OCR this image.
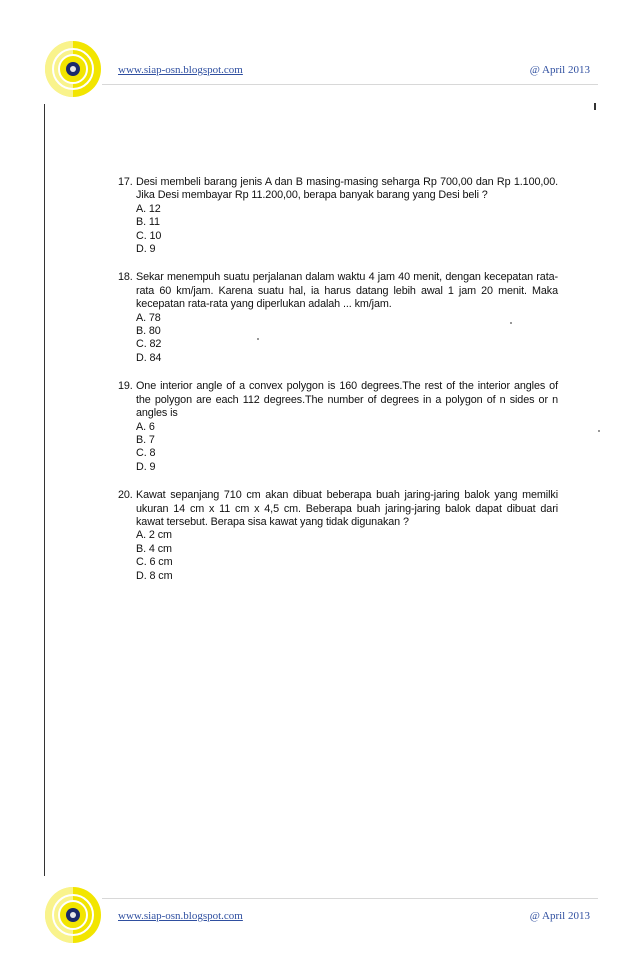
www.siap-osn.blogspot.com	@ April 2013
17. Desi membeli barang jenis A dan B masing-masing seharga Rp 700,00 dan Rp 1.100,00. Jika Desi membayar Rp 11.200,00, berapa banyak barang yang Desi beli ?
A. 12
B. 11
C. 10
D. 9
18. Sekar menempuh suatu perjalanan dalam waktu 4 jam 40 menit, dengan kecepatan rata-rata 60 km/jam. Karena suatu hal, ia harus datang lebih awal 1 jam 20 menit. Maka kecepatan rata-rata yang diperlukan adalah ... km/jam.
A. 78
B. 80
C. 82
D. 84
19. One interior angle of a convex polygon is 160 degrees.The rest of the interior angles of the polygon are each 112 degrees.The number of degrees in a polygon of n sides or n angles is
A. 6
B. 7
C. 8
D. 9
20. Kawat sepanjang 710 cm akan dibuat beberapa buah jaring-jaring balok yang memilki ukuran 14 cm x 11 cm x 4,5 cm. Beberapa buah jaring-jaring balok dapat dibuat dari kawat tersebut. Berapa sisa kawat yang tidak digunakan ?
A. 2 cm
B. 4 cm
C. 6 cm
D. 8 cm
www.siap-osn.blogspot.com	@ April 2013
